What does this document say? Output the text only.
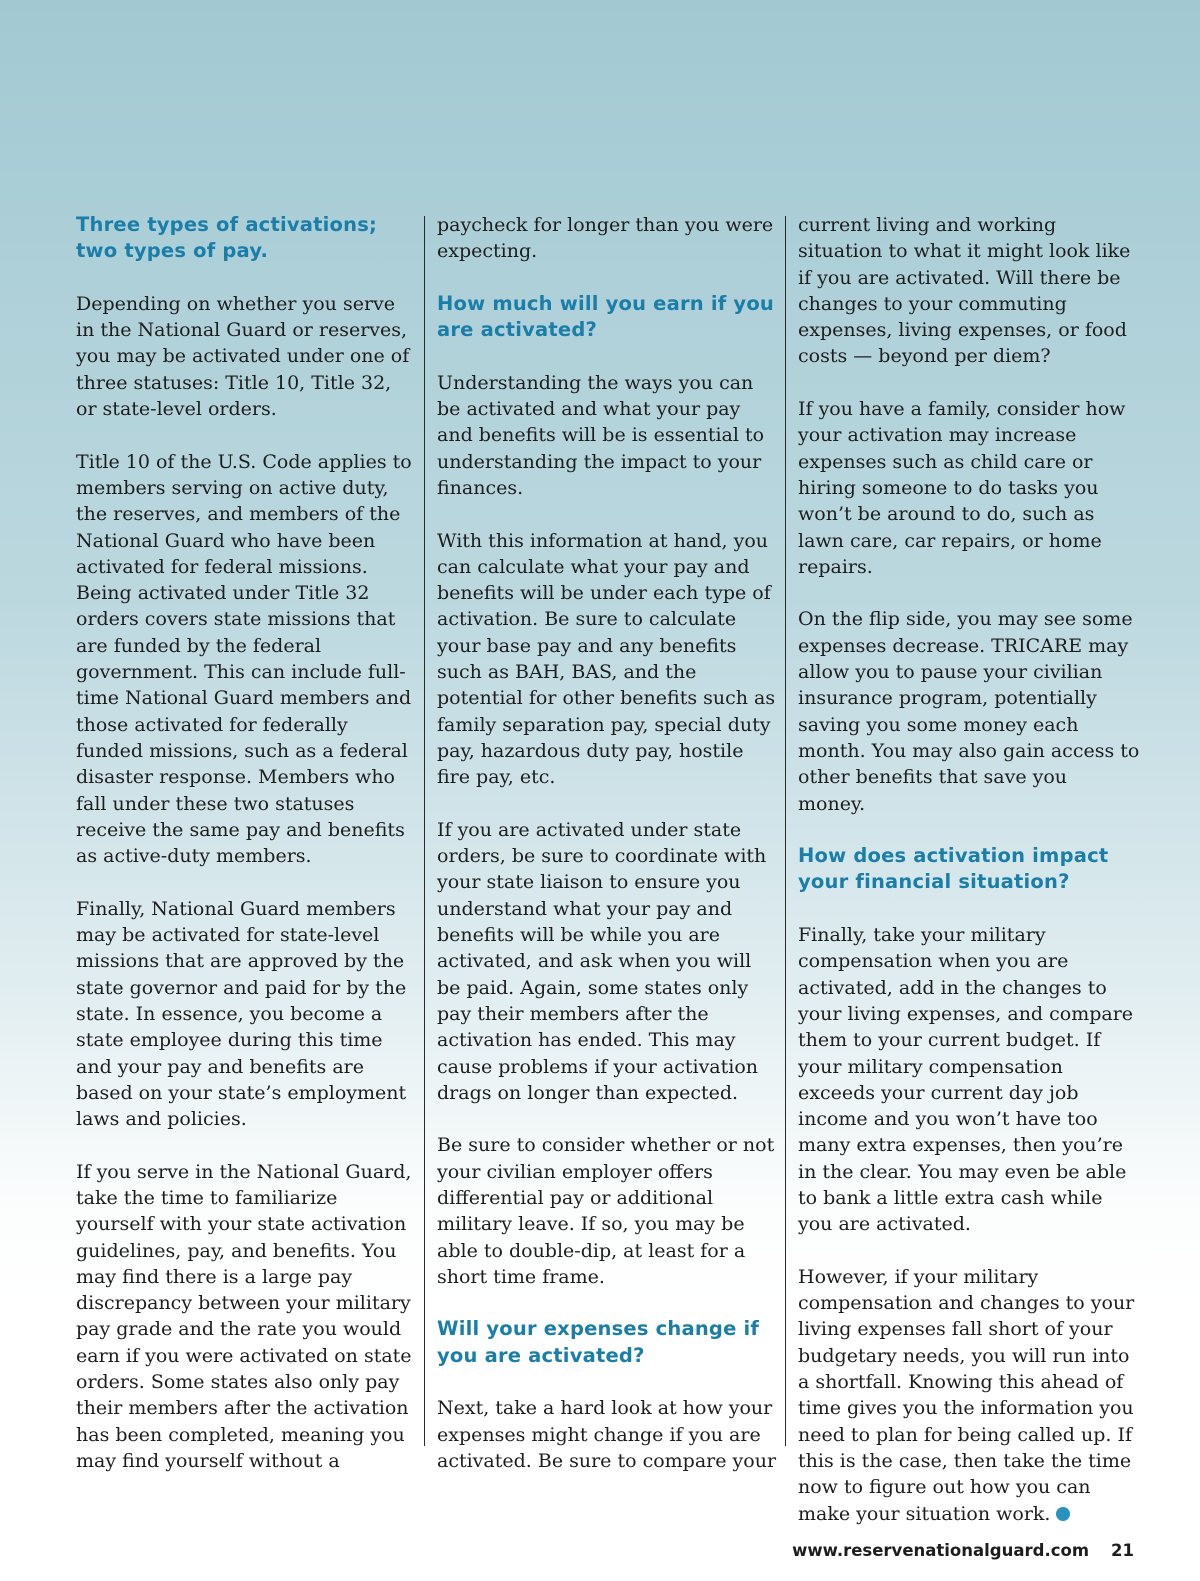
Three types of activations; two types of pay.

Depending on whether you serve in the National Guard or reserves, you may be activated under one of three statuses: Title 10, Title 32, or state-level orders.

Title 10 of the U.S. Code applies to members serving on active duty, the reserves, and members of the National Guard who have been activated for federal missions. Being activated under Title 32 orders covers state missions that are funded by the federal government. This can include full-time National Guard members and those activated for federally funded missions, such as a federal disaster response. Members who fall under these two statuses receive the same pay and benefits as active-duty members.

Finally, National Guard members may be activated for state-level missions that are approved by the state governor and paid for by the state. In essence, you become a state employee during this time and your pay and benefits are based on your state’s employment laws and policies.

If you serve in the National Guard, take the time to familiarize yourself with your state activation guidelines, pay, and benefits. You may find there is a large pay discrepancy between your military pay grade and the rate you would earn if you were activated on state orders. Some states also only pay their members after the activation has been completed, meaning you may find yourself without a

paycheck for longer than you were expecting.

How much will you earn if you are activated?

Understanding the ways you can be activated and what your pay and benefits will be is essential to understanding the impact to your finances.

With this information at hand, you can calculate what your pay and benefits will be under each type of activation. Be sure to calculate your base pay and any benefits such as BAH, BAS, and the potential for other benefits such as family separation pay, special duty pay, hazardous duty pay, hostile fire pay, etc.

If you are activated under state orders, be sure to coordinate with your state liaison to ensure you understand what your pay and benefits will be while you are activated, and ask when you will be paid. Again, some states only pay their members after the activation has ended. This may cause problems if your activation drags on longer than expected.

Be sure to consider whether or not your civilian employer offers differential pay or additional military leave. If so, you may be able to double-dip, at least for a short time frame.

Will your expenses change if you are activated?

Next, take a hard look at how your expenses might change if you are activated. Be sure to compare your

current living and working situation to what it might look like if you are activated. Will there be changes to your commuting expenses, living expenses, or food costs — beyond per diem?

If you have a family, consider how your activation may increase expenses such as child care or hiring someone to do tasks you won’t be around to do, such as lawn care, car repairs, or home repairs.

On the flip side, you may see some expenses decrease. TRICARE may allow you to pause your civilian insurance program, potentially saving you some money each month. You may also gain access to other benefits that save you money.

How does activation impact your financial situation?

Finally, take your military compensation when you are activated, add in the changes to your living expenses, and compare them to your current budget. If your military compensation exceeds your current day job income and you won’t have too many extra expenses, then you’re in the clear. You may even be able to bank a little extra cash while you are activated.

However, if your military compensation and changes to your living expenses fall short of your budgetary needs, you will run into a shortfall. Knowing this ahead of time gives you the information you need to plan for being called up. If this is the case, then take the time now to figure out how you can make your situation work.

www.reservenationalguard.com 21
